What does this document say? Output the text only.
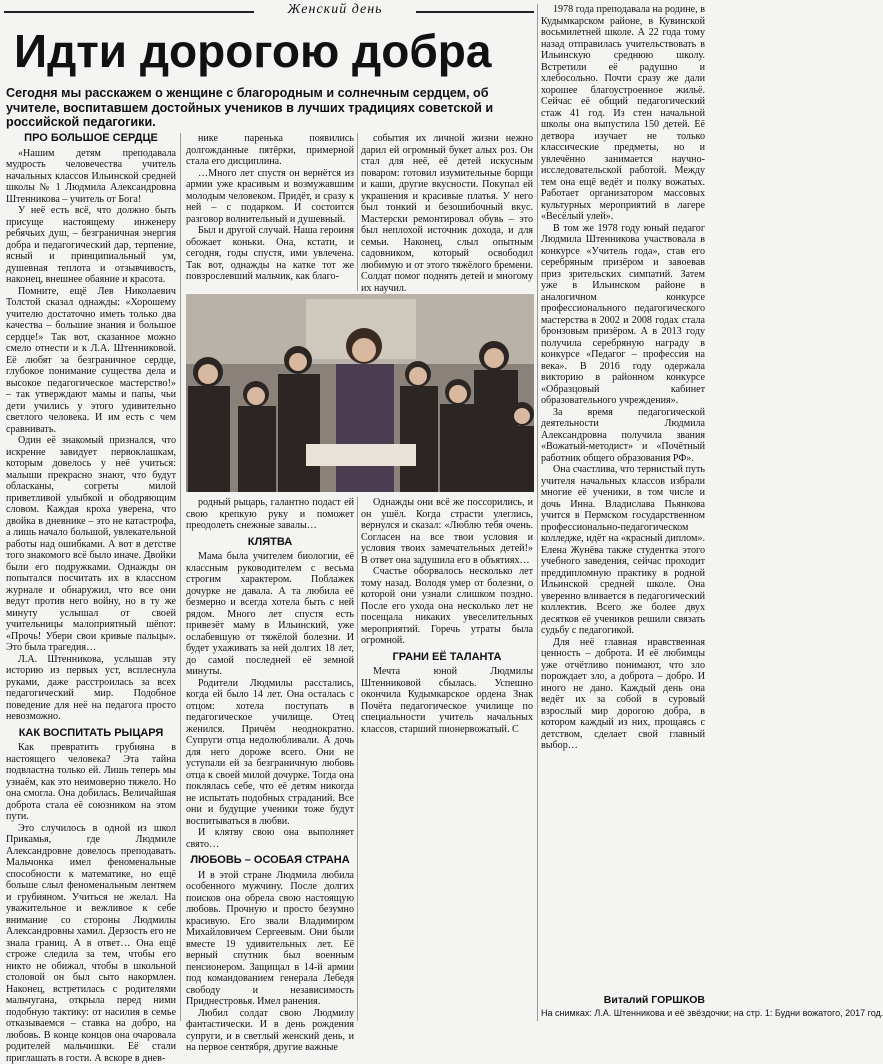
Женский день
Идти дорогою добра
Сегодня мы расскажем о женщине с благородным и солнечным сердцем, об учителе, воспитавшем достойных учеников в лучших традициях советской и российской педагогики.
ПРО БОЛЬШОЕ СЕРДЦЕ

«Нашим детям преподавала мудрость человечества учитель начальных классов Ильинской средней школы № 1 Людмила Александровна Штенникова – учитель от Бога!

У неё есть всё, что должно быть присуще настоящему инженеру ребячьих душ, – безграничная энергия добра и педагогический дар, терпение, ясный и принципиальный ум, душевная теплота и отзывчивость, наконец, внешнее обаяние и красота.

Помните, ещё Лев Николаевич Толстой сказал однажды: «Хорошему учителю достаточно иметь только два качества – большие знания и большое сердце!» Так вот, сказанное можно смело отнести и к Л.А. Штенниковой. Её любят за безграничное сердце, глубокое понимание существа дела и высокое педагогическое мастерство!» – так утверждают мамы и папы, чьи дети учились у этого удивительно светлого человека. И им есть с чем сравнивать.

Один её знакомый признался, что искренне завидует первоклашкам, которым довелось у неё учиться: малыши прекрасно знают, что будут обласканы, согреты милой приветливой улыбкой и ободряющим словом. Каждая кроха уверена, что двойка в дневнике – это не катастрофа, а лишь начало большой, увлекательной работы над ошибками. А вот в детстве того знакомого всё было иначе. Двойки были его подружками. Однажды он попытался посчитать их в классном журнале и обнаружил, что все они ведут против него войну, но в ту же минуту услышал от своей учительницы малоприятный шёпот: «Прочь! Убери свои кривые пальцы». Это была трагедия…

Л.А. Штенникова, услышав эту историю из первых уст, всплеснула руками, даже расстроилась за всех педагогический мир. Подобное поведение для неё на педагога просто невозможно.

КАК ВОСПИТАТЬ РЫЦАРЯ

Как превратить грубияна в настоящего человека? Эта тайна подвластна только ей. Лишь теперь мы узнаём, как это неимоверно тяжело. Но она смогла. Она добилась. Величайшая доброта стала её союзником на этом пути.

Это случилось в одной из школ Прикамья, где Людмиле Александровне довелось преподавать. Мальчонка имел феноменальные способности к математике, но ещё больше слыл феноменальным лентяем и грубияном. Учиться не желал. На уважительное и вежливое к себе внимание со стороны Людмилы Александровны хамил. Дерзость его не знала границ. А в ответ… Она ещё строже следила за тем, чтобы его никто не обижал, чтобы в школьной столовой он был сыто накормлен. Наконец, встретилась с родителями мальчугана, открыла перед ними подобную тактику: от насилия в семье отказываемся – ставка на добро, на любовь. В конце концов она очаровала родителей мальчишки. Её стали приглашать в гости. А вскоре в днев-

нике паренька появились долгожданные пятёрки, примерной стала его дисциплина.

…Много лет спустя он вернётся из армии уже красивым и возмужавшим молодым человеком. Придёт, и сразу к ней – с подарком. И состоится разговор волнительный и душевный.

Был и другой случай. Наша героиня обожает коньки. Она, кстати, и сегодня, годы спустя, ими увлечена. Так вот, однажды на катке тот же повзрослевший мальчик, как благо-

события их личной жизни нежно дарил ей огромный букет алых роз. Он стал для неё, её детей искусным поваром: готовил изумительные борщи и каши, другие вкусности. Покупал ей украшения и красивые платья. У него был тонкий и безошибочный вкус. Мастерски ремонтировал обувь – это был неплохой источник дохода, и для семьи. Наконец, слыл опытным садовником, который освободил любимую и от этого тяжёлого бремени. Солдат помог поднять детей и многому их научил.

родный рыцарь, галантно подаст ей свою крепкую руку и поможет преодолеть снежные завалы…

КЛЯТВА

Мама была учителем биологии, её классным руководителем с весьма строгим характером. Поблажек дочурке не давала. А та любила её безмерно и всегда хотела быть с ней рядом. Много лет спустя есть привезёт маму в Ильинский, уже ослабевшую от тяжёлой болезни. И будет ухаживать за ней долгих 18 лет, до самой последней её земной минуты.

Родители Людмилы расстались, когда ей было 14 лет. Она осталась с отцом: хотела поступать в педагогическое училище. Отец женился. Причём неоднократно. Супруги отца недолюбливали. А дочь для него дороже всего. Они не уступали ей за безграничную любовь отца к своей милой дочурке. Тогда она поклялась себе, что её детям никогда не испытать подобных страданий. Все они и будущие ученики тоже будут воспитываться в любви.

И клятву свою она выполняет свято…

ЛЮБОВЬ – ОСОБАЯ СТРАНА

И в этой стране Людмила любила особенного мужчину. После долгих поисков она обрела свою настоящую любовь. Прочную и просто безумно красивую. Его звали Владимиром Михайловичем Сергеевым. Они были вместе 19 удивительных лет. Её верный спутник был военным пенсионером. Защищал в 14-й армии под командованием генерала Лебедя свободу и независимость Приднестровья. Имел ранения.

Любил солдат свою Людмилу фантастически. И в день рождения супруги, и в светлый женский день, и на первое сентября, другие важные

Однажды они всё же поссорились, и он ушёл. Когда страсти улеглись, вернулся и сказал: «Люблю тебя очень. Согласен на все твои условия и условия твоих замечательных детей!» В ответ она задушила его в объятиях…

Счастье оборвалось несколько лет тому назад. Володя умер от болезни, о которой они узнали слишком поздно. После его ухода она несколько лет не посещала никаких увеселительных мероприятий. Горечь утраты была огромной.

ГРАНИ ЕЁ ТАЛАНТА

Мечта юной Людмилы Штенниковой сбылась. Успешно окончила Кудымкарское ордена Знак Почёта педагогическое училище по специальности учитель начальных классов, старший пионервожатый. С

1978 года преподавала на родине, в Кудымкарском районе, в Кувинской восьмилетней школе. А 22 года тому назад отправилась учительствовать в Ильинскую среднюю школу. Встретили её радушно и хлебосольно. Почти сразу же дали хорошее благоустроенное жильё. Сейчас её общий педагогический стаж 41 год. Из стен начальной школы она выпустила 150 детей. Её детвора изучает не только классические предметы, но и увлечённо занимается научно-исследовательской работой. Между тем она ещё ведёт и полку вожатых. Работает организатором массовых культурных мероприятий в лагере «Весёлый улей».

В том же 1978 году юный педагог Людмила Штенникова участвовала в конкурсе «Учитель года», став его серебряным призёром и завоевав приз зрительских симпатий. Затем уже в Ильинском районе в аналогичном конкурсе профессионального педагогического мастерства в 2002 и 2008 годах стала бронзовым призёром. А в 2013 году получила серебряную награду в конкурсе «Педагог – профессия на века». В 2016 году одержала викторию в районном конкурсе «Образцовый кабинет образовательного учреждения».

За время педагогической деятельности Людмила Александровна получила звания «Вожатый-методист» и «Почётный работник общего образования РФ».

Она счастлива, что тернистый путь учителя начальных классов избрали многие её ученики, в том числе и дочь Инна. Владислава Пьянкова учится в Пермском государственном профессионально-педагогическом колледже, идёт на «красный диплом». Елена Жунёва также студентка этого учебного заведения, сейчас проходит преддипломную практику в родной Ильинской средней школе. Она уверенно вливается в педагогический коллектив. Всего же более двух десятков её учеников решили связать судьбу с педагогикой.

Для неё главная нравственная ценность – доброта. И её любимцы уже отчётливо понимают, что зло порождает зло, а доброта – добро. И иного не дано. Каждый день она ведёт их за собой в суровый взрослый мир дорогою добра, в котором каждый из них, прощаясь с детством, сделает свой главный выбор…

Виталий ГОРШКОВ
На снимках: Л.А. Штенникова и её звёздочки; на стр. 1: Будни вожатого, 2017 год.
